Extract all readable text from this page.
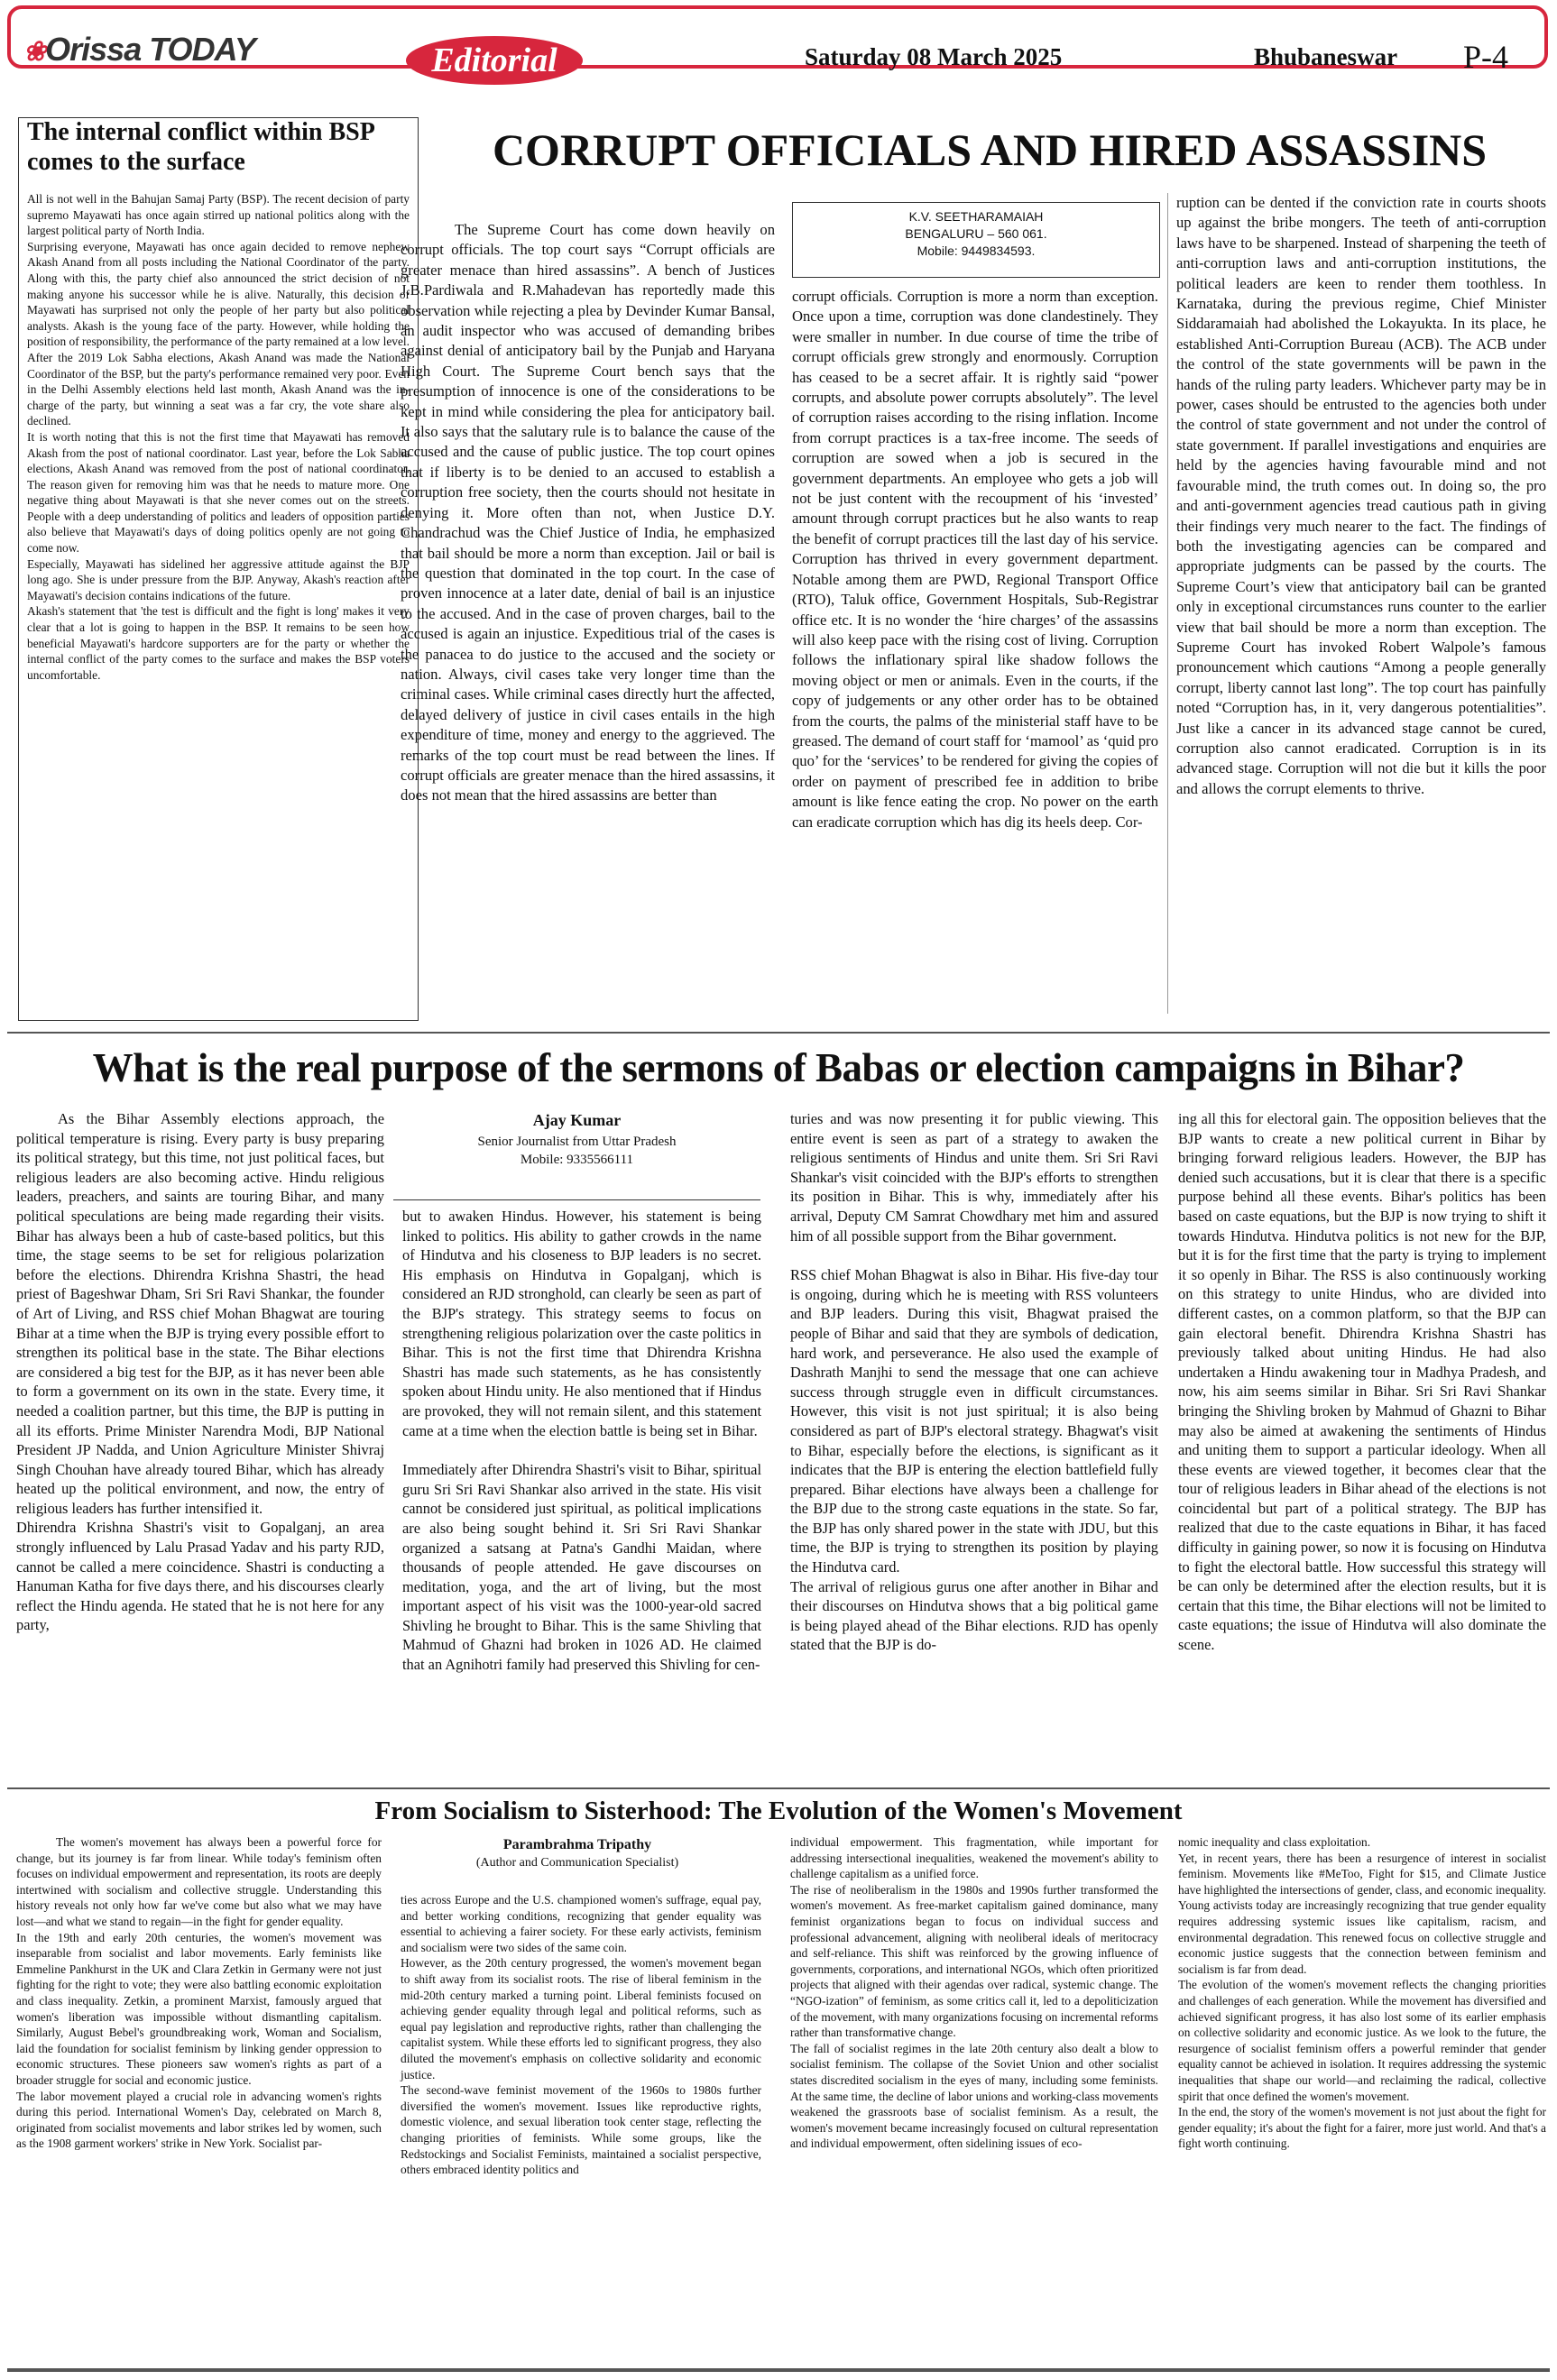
❀Orissa TODAY	Editorial	Saturday 08 March 2025	Bhubaneswar P-4
The internal conflict within BSP comes to the surface

All is not well in the Bahujan Samaj Party (BSP). The recent decision of party supremo Mayawati has once again stirred up national politics along with the largest political party of North India.

Surprising everyone, Mayawati has once again decided to remove nephew Akash Anand from all posts including the National Coordinator of the party. Along with this, the party chief also announced the strict decision of not making anyone his successor while he is alive. Naturally, this decision of Mayawati has surprised not only the people of her party but also political analysts. Akash is the young face of the party. However, while holding the position of responsibility, the performance of the party remained at a low level. After the 2019 Lok Sabha elections, Akash Anand was made the National Coordinator of the BSP, but the party's performance remained very poor. Even in the Delhi Assembly elections held last month, Akash Anand was the in-charge of the party, but winning a seat was a far cry, the vote share also declined.

It is worth noting that this is not the first time that Mayawati has removed Akash from the post of national coordinator. Last year, before the Lok Sabha elections, Akash Anand was removed from the post of national coordinator. The reason given for removing him was that he needs to mature more. One negative thing about Mayawati is that she never comes out on the streets. People with a deep understanding of politics and leaders of opposition parties also believe that Mayawati's days of doing politics openly are not going to come now.

Especially, Mayawati has sidelined her aggressive attitude against the BJP long ago. She is under pressure from the BJP. Anyway, Akash's reaction after Mayawati's decision contains indications of the future.

Akash's statement that 'the test is difficult and the fight is long' makes it very clear that a lot is going to happen in the BSP. It remains to be seen how beneficial Mayawati's hardcore supporters are for the party or whether the internal conflict of the party comes to the surface and makes the BSP voters uncomfortable.

CORRUPT OFFICIALS AND HIRED ASSASSINS

The Supreme Court has come down heavily on corrupt officials. The top court says “Corrupt officials are greater menace than hired assassins”. A bench of Justices J.B.Pardiwala and R.Mahadevan has reportedly made this observation while rejecting a plea by Devinder Kumar Bansal, an audit inspector who was accused of demanding bribes against denial of anticipatory bail by the Punjab and Haryana High Court. The Supreme Court bench says that the presumption of innocence is one of the considerations to be kept in mind while considering the plea for anticipatory bail. It also says that the salutary rule is to balance the cause of the accused and the cause of public justice. The top court opines that if liberty is to be denied to an accused to establish a corruption free society, then the courts should not hesitate in denying it. More often than not, when Justice D.Y. Chandrachud was the Chief Justice of India, he emphasized that bail should be more a norm than exception. Jail or bail is the question that dominated in the top court. In the case of proven innocence at a later date, denial of bail is an injustice to the accused. And in the case of proven charges, bail to the accused is again an injustice. Expeditious trial of the cases is the panacea to do justice to the accused and the society or nation. Always, civil cases take very longer time than the criminal cases. While criminal cases directly hurt the affected, delayed delivery of justice in civil cases entails in the high expenditure of time, money and energy to the aggrieved. The remarks of the top court must be read between the lines. If corrupt officials are greater menace than the hired assassins, it does not mean that the hired assassins are better than

K.V. SEETHARAMAIAH
BENGALURU – 560 061.
Mobile: 9449834593.

corrupt officials. Corruption is more a norm than exception. Once upon a time, corruption was done clandestinely. They were smaller in number. In due course of time the tribe of corrupt officials grew strongly and enormously. Corruption has ceased to be a secret affair. It is rightly said “power corrupts, and absolute power corrupts absolutely”. The level of corruption raises according to the rising inflation. Income from corrupt practices is a tax-free income. The seeds of corruption are sowed when a job is secured in the government departments. An employee who gets a job will not be just content with the recoupment of his ‘invested’ amount through corrupt practices but he also wants to reap the benefit of corrupt practices till the last day of his service. Corruption has thrived in every government department. Notable among them are PWD, Regional Transport Office (RTO), Taluk office, Government Hospitals, Sub-Registrar office etc. It is no wonder the ‘hire charges’ of the assassins will also keep pace with the rising cost of living. Corruption follows the inflationary spiral like shadow follows the moving object or men or animals. Even in the courts, if the copy of judgements or any other order has to be obtained from the courts, the palms of the ministerial staff have to be greased. The demand of court staff for ‘mamool’ as ‘quid pro quo’ for the ‘services’ to be rendered for giving the copies of order on payment of prescribed fee in addition to bribe amount is like fence eating the crop. No power on the earth can eradicate corruption which has dig its heels deep. Cor-

ruption can be dented if the conviction rate in courts shoots up against the bribe mongers. The teeth of anti-corruption laws have to be sharpened. Instead of sharpening the teeth of anti-corruption laws and anti-corruption institutions, the political leaders are keen to render them toothless. In Karnataka, during the previous regime, Chief Minister Siddaramaiah had abolished the Lokayukta. In its place, he established Anti-Corruption Bureau (ACB). The ACB under the control of the state governments will be pawn in the hands of the ruling party leaders. Whichever party may be in power, cases should be entrusted to the agencies both under the control of state government and not under the control of state government. If parallel investigations and enquiries are held by the agencies having favourable mind and not favourable mind, the truth comes out. In doing so, the pro and anti-government agencies tread cautious path in giving their findings very much nearer to the fact. The findings of both the investigating agencies can be compared and appropriate judgments can be passed by the courts. The Supreme Court’s view that anticipatory bail can be granted only in exceptional circumstances runs counter to the earlier view that bail should be more a norm than exception. The Supreme Court has invoked Robert Walpole’s famous pronouncement which cautions “Among a people generally corrupt, liberty cannot last long”. The top court has painfully noted “Corruption has, in it, very dangerous potentialities”. Just like a cancer in its advanced stage cannot be cured, corruption also cannot eradicated. Corruption is in its advanced stage. Corruption will not die but it kills the poor and allows the corrupt elements to thrive.

What is the real purpose of the sermons of Babas or election campaigns in Bihar?

As the Bihar Assembly elections approach, the political temperature is rising. Every party is busy preparing its political strategy, but this time, not just political faces, but religious leaders are also becoming active. Hindu religious leaders, preachers, and saints are touring Bihar, and many political speculations are being made regarding their visits. Bihar has always been a hub of caste-based politics, but this time, the stage seems to be set for religious polarization before the elections. Dhirendra Krishna Shastri, the head priest of Bageshwar Dham, Sri Sri Ravi Shankar, the founder of Art of Living, and RSS chief Mohan Bhagwat are touring Bihar at a time when the BJP is trying every possible effort to strengthen its political base in the state. The Bihar elections are considered a big test for the BJP, as it has never been able to form a government on its own in the state. Every time, it needed a coalition partner, but this time, the BJP is putting in all its efforts. Prime Minister Narendra Modi, BJP National President JP Nadda, and Union Agriculture Minister Shivraj Singh Chouhan have already toured Bihar, which has already heated up the political environment, and now, the entry of religious leaders has further intensified it.

Dhirendra Krishna Shastri's visit to Gopalganj, an area strongly influenced by Lalu Prasad Yadav and his party RJD, cannot be called a mere coincidence. Shastri is conducting a Hanuman Katha for five days there, and his discourses clearly reflect the Hindu agenda. He stated that he is not here for any party,

Ajay Kumar
Senior Journalist from Uttar Pradesh
Mobile: 9335566111

but to awaken Hindus. However, his statement is being linked to politics. His ability to gather crowds in the name of Hindutva and his closeness to BJP leaders is no secret. His emphasis on Hindutva in Gopalganj, which is considered an RJD stronghold, can clearly be seen as part of the BJP's strategy. This strategy seems to focus on strengthening religious polarization over the caste politics in Bihar. This is not the first time that Dhirendra Krishna Shastri has made such statements, as he has consistently spoken about Hindu unity. He also mentioned that if Hindus are provoked, they will not remain silent, and this statement came at a time when the election battle is being set in Bihar.

Immediately after Dhirendra Shastri's visit to Bihar, spiritual guru Sri Sri Ravi Shankar also arrived in the state. His visit cannot be considered just spiritual, as political implications are also being sought behind it. Sri Sri Ravi Shankar organized a satsang at Patna's Gandhi Maidan, where thousands of people attended. He gave discourses on meditation, yoga, and the art of living, but the most important aspect of his visit was the 1000-year-old sacred Shivling he brought to Bihar. This is the same Shivling that Mahmud of Ghazni had broken in 1026 AD. He claimed that an Agnihotri family had preserved this Shivling for cen-

turies and was now presenting it for public viewing. This entire event is seen as part of a strategy to awaken the religious sentiments of Hindus and unite them. Sri Sri Ravi Shankar's visit coincided with the BJP's efforts to strengthen its position in Bihar. This is why, immediately after his arrival, Deputy CM Samrat Chowdhary met him and assured him of all possible support from the Bihar government.

RSS chief Mohan Bhagwat is also in Bihar. His five-day tour is ongoing, during which he is meeting with RSS volunteers and BJP leaders. During this visit, Bhagwat praised the people of Bihar and said that they are symbols of dedication, hard work, and perseverance. He also used the example of Dashrath Manjhi to send the message that one can achieve success through struggle even in difficult circumstances. However, this visit is not just spiritual; it is also being considered as part of BJP's electoral strategy. Bhagwat's visit to Bihar, especially before the elections, is significant as it indicates that the BJP is entering the election battlefield fully prepared. Bihar elections have always been a challenge for the BJP due to the strong caste equations in the state. So far, the BJP has only shared power in the state with JDU, but this time, the BJP is trying to strengthen its position by playing the Hindutva card.

The arrival of religious gurus one after another in Bihar and their discourses on Hindutva shows that a big political game is being played ahead of the Bihar elections. RJD has openly stated that the BJP is do-

ing all this for electoral gain. The opposition believes that the BJP wants to create a new political current in Bihar by bringing forward religious leaders. However, the BJP has denied such accusations, but it is clear that there is a specific purpose behind all these events. Bihar's politics has been based on caste equations, but the BJP is now trying to shift it towards Hindutva. Hindutva politics is not new for the BJP, but it is for the first time that the party is trying to implement it so openly in Bihar. The RSS is also continuously working on this strategy to unite Hindus, who are divided into different castes, on a common platform, so that the BJP can gain electoral benefit. Dhirendra Krishna Shastri has previously talked about uniting Hindus. He had also undertaken a Hindu awakening tour in Madhya Pradesh, and now, his aim seems similar in Bihar. Sri Sri Ravi Shankar bringing the Shivling broken by Mahmud of Ghazni to Bihar may also be aimed at awakening the sentiments of Hindus and uniting them to support a particular ideology. When all these events are viewed together, it becomes clear that the tour of religious leaders in Bihar ahead of the elections is not coincidental but part of a political strategy. The BJP has realized that due to the caste equations in Bihar, it has faced difficulty in gaining power, so now it is focusing on Hindutva to fight the electoral battle. How successful this strategy will be can only be determined after the election results, but it is certain that this time, the Bihar elections will not be limited to caste equations; the issue of Hindutva will also dominate the scene.

From Socialism to Sisterhood: The Evolution of the Women's Movement

The women's movement has always been a powerful force for change, but its journey is far from linear. While today's feminism often focuses on individual empowerment and representation, its roots are deeply intertwined with socialism and collective struggle. Understanding this history reveals not only how far we've come but also what we may have lost—and what we stand to regain—in the fight for gender equality.

In the 19th and early 20th centuries, the women's movement was inseparable from socialist and labor movements. Early feminists like Emmeline Pankhurst in the UK and Clara Zetkin in Germany were not just fighting for the right to vote; they were also battling economic exploitation and class inequality. Zetkin, a prominent Marxist, famously argued that women's liberation was impossible without dismantling capitalism. Similarly, August Bebel's groundbreaking work, Woman and Socialism, laid the foundation for socialist feminism by linking gender oppression to economic structures. These pioneers saw women's rights as part of a broader struggle for social and economic justice.

The labor movement played a crucial role in advancing women's rights during this period. International Women's Day, celebrated on March 8, originated from socialist movements and labor strikes led by women, such as the 1908 garment workers' strike in New York. Socialist par-

Parambrahma Tripathy
(Author and Communication Specialist)

ties across Europe and the U.S. championed women's suffrage, equal pay, and better working conditions, recognizing that gender equality was essential to achieving a fairer society. For these early activists, feminism and socialism were two sides of the same coin.

However, as the 20th century progressed, the women's movement began to shift away from its socialist roots. The rise of liberal feminism in the mid-20th century marked a turning point. Liberal feminists focused on achieving gender equality through legal and political reforms, such as equal pay legislation and reproductive rights, rather than challenging the capitalist system. While these efforts led to significant progress, they also diluted the movement's emphasis on collective solidarity and economic justice.

The second-wave feminist movement of the 1960s to 1980s further diversified the women's movement. Issues like reproductive rights, domestic violence, and sexual liberation took center stage, reflecting the changing priorities of feminists. While some groups, like the Redstockings and Socialist Feminists, maintained a socialist perspective, others embraced identity politics and

individual empowerment. This fragmentation, while important for addressing intersectional inequalities, weakened the movement's ability to challenge capitalism as a unified force.

The rise of neoliberalism in the 1980s and 1990s further transformed the women's movement. As free-market capitalism gained dominance, many feminist organizations began to focus on individual success and professional advancement, aligning with neoliberal ideals of meritocracy and self-reliance. This shift was reinforced by the growing influence of governments, corporations, and international NGOs, which often prioritized projects that aligned with their agendas over radical, systemic change. The “NGO-ization” of feminism, as some critics call it, led to a depoliticization of the movement, with many organizations focusing on incremental reforms rather than transformative change.

The fall of socialist regimes in the late 20th century also dealt a blow to socialist feminism. The collapse of the Soviet Union and other socialist states discredited socialism in the eyes of many, including some feminists. At the same time, the decline of labor unions and working-class movements weakened the grassroots base of socialist feminism. As a result, the women's movement became increasingly focused on cultural representation and individual empowerment, often sidelining issues of eco-

nomic inequality and class exploitation.

Yet, in recent years, there has been a resurgence of interest in socialist feminism. Movements like #MeToo, Fight for $15, and Climate Justice have highlighted the intersections of gender, class, and economic inequality. Young activists today are increasingly recognizing that true gender equality requires addressing systemic issues like capitalism, racism, and environmental degradation. This renewed focus on collective struggle and economic justice suggests that the connection between feminism and socialism is far from dead.

The evolution of the women's movement reflects the changing priorities and challenges of each generation. While the movement has diversified and achieved significant progress, it has also lost some of its earlier emphasis on collective solidarity and economic justice. As we look to the future, the resurgence of socialist feminism offers a powerful reminder that gender equality cannot be achieved in isolation. It requires addressing the systemic inequalities that shape our world—and reclaiming the radical, collective spirit that once defined the women's movement.

In the end, the story of the women's movement is not just about the fight for gender equality; it's about the fight for a fairer, more just world. And that's a fight worth continuing.
